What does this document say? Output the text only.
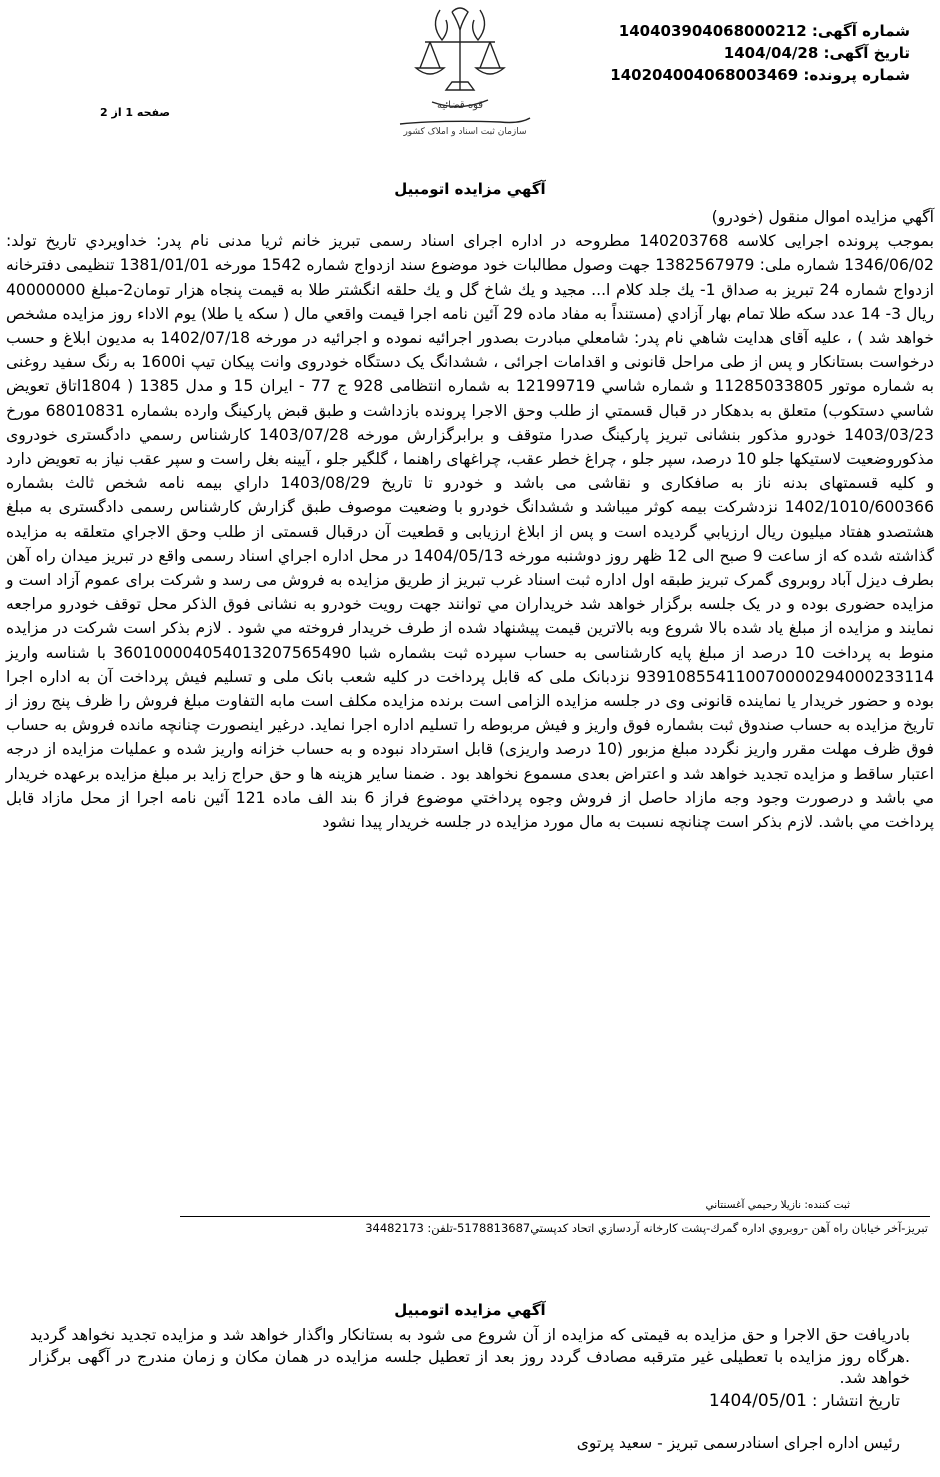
شماره آگهی: 140403904068000212
تاریخ آگهی: 1404/04/28
شماره پرونده: 140204004068003469
قوه قضائیه
سازمان ثبت اسناد و املاک کشور
صفحه 1 از 2
آگهي مزايده اتومبيل
آگهي مزايده اموال منقول (خودرو)
بموجب پرونده اجرایی کلاسه 140203768 مطروحه در اداره اجرای اسناد رسمی تبریز خانم ثریا مدنی نام پدر: خداويردي تاریخ تولد: 1346/06/02 شماره ملی: 1382567979 جهت وصول مطالبات خود موضوع سند ازدواج شماره 1542 مورخه 1381/01/01 تنظیمی دفترخانه ازدواج شماره 24 تبریز به صداق 1- یك جلد کلام ا... مجید و يك شاخ گل و يك حلقه انگشتر طلا به قیمت پنجاه هزار تومان2-مبلغ 40000000 ريال 3- 14 عدد سكه طلا تمام بهار آزادي (مستنداً به مفاد ماده 29 آئين نامه اجرا قيمت واقعي مال ( سكه يا طلا) يوم الاداء روز مزايده مشخص خواهد شد ) ، علیه آقای هدایت شاهي نام پدر: شامعلي مبادرت بصدور اجرائيه نموده و اجرائيه در مورخه 1402/07/18 به مديون ابلاغ و حسب درخواست بستانكار و پس از طی مراحل قانونی و اقدامات اجرائی ، ششدانگ یک دستگاه خودروی وانت پیکان تیپ 1600i به رنگ سفید روغنی به شماره موتور 11285033805 و شماره شاسي 12199719 به شماره انتظامی 928 ج 77 - ایران 15 و مدل 1385 ( 1804اتاق تعويض شاسي دستكوب) متعلق به بدهكار در قبال قسمتي از طلب وحق الاجرا پرونده بازداشت و طبق قبض پارکینگ وارده بشماره 68010831 مورخ 1403/03/23 خودرو مذكور بنشانی تبريز پاركينگ صدرا متوقف و برابرگزارش مورخه 1403/07/28 کارشناس رسمي دادگستری خودروی مذکوروضعیت لاستیکها جلو 10 درصد، سپر جلو ، چراغ خطر عقب، چراغهای راهنما ، گلگیر جلو ، آیینه بغل راست و سپر عقب نیاز به تعویض دارد و کلیه قسمتهای بدنه ناز به صافکاری و نقاشی می باشد و خودرو تا تاریخ 1403/08/29 داراي بيمه نامه شخص ثالث بشماره 1402/1010/600366 نزدشركت بيمه كوثر ميباشد و ششدانگ خودرو با وضعيت موصوف طبق گزارش کارشناس رسمی دادگستری به مبلغ هشتصدو هفتاد میلیون ریال ارزيابي گرديده است و پس از ابلاغ ارزیابی و قطعیت آن درقبال قسمتی از طلب وحق الاجراي متعلقه به مزايده گذاشته شده كه از ساعت 9 صبح الی 12 ظهر روز دوشنبه مورخه 1404/05/13 در محل اداره اجراي اسناد رسمی واقع در تبریز میدان راه آهن بطرف دیزل آباد روبروی گمرک تبریز طبقه اول اداره ثبت اسناد غرب تبریز از طریق مزايده به فروش می رسد و شرکت برای عموم آزاد است و مزايده حضوری بوده و در یک جلسه برگزار خواهد شد خريداران مي توانند جهت رويت خودرو به نشانی فوق الذکر محل توقف خودرو مراجعه نمايند و مزايده از مبلغ ياد شده بالا شروع وبه بالاترين قيمت پيشنهاد شده از طرف خريدار فروخته مي شود . لازم بذکر است شرکت در مزايده منوط به پرداخت 10 درصد از مبلغ پایه کارشناسی به حساب سپرده ثبت بشماره شبا 360100004054013207565490 با شناسه واریز 939108554110070000294000233114 نزدبانک ملی که قابل پرداخت در کلیه شعب بانک ملی و تسلیم فیش پرداخت آن به اداره اجرا بوده و حضور خریدار یا نماینده قانونی وی در جلسه مزايده الزامی است برنده مزايده مکلف است مابه التفاوت مبلغ فروش را ظرف پنج روز از تاریخ مزايده به حساب صندوق ثبت بشماره فوق واریز و فیش مربوطه را تسلیم اداره اجرا نماید. درغیر اینصورت چنانچه مانده فروش به حساب فوق ظرف مهلت مقرر واریز نگردد مبلغ مزبور (10 درصد واریزی) قابل استرداد نبوده و به حساب خزانه واريز شده و عملیات مزايده از درجه اعتبار ساقط و مزايده تجدید خواهد شد و اعتراض بعدی مسموع نخواهد بود . ضمنا ساير هزينه ها و حق حراج زايد بر مبلغ مزايده برعهده خريدار مي باشد و درصورت وجود وجه مازاد حاصل از فروش وجوه پرداختي موضوع فراز 6 بند الف ماده 121 آئين نامه اجرا از محل مازاد قابل پرداخت مي باشد. لازم بذكر است چنانچه نسبت به مال مورد مزايده در جلسه خريدار پيدا نشود
ثبت كننده: نازيلا رحيمي آغسنتاني
تبريز-آخر خيابان راه آهن -روبروي اداره گمرك-پشت كارخانه آردسازي اتحاد كدپستي5178813687-تلفن: 34482173
آگهي مزايده اتومبيل
بادريافت حق الاجرا و حق مزايده به قيمتی كه مزايده از آن شروع می شود به بستانكار واگذار خواهد شد و مزايده تجديد نخواهد گرديد .هرگاه روز مزايده با تعطيلی غير مترقبه مصادف گردد روز بعد از تعطيل جلسه مزايده در همان مکان و زمان مندرج در آگهی برگزار خواهد شد.
تاریخ انتشار : 1404/05/01
رئيس اداره اجرای اسنادرسمی تبريز - سعيد پرتوی
